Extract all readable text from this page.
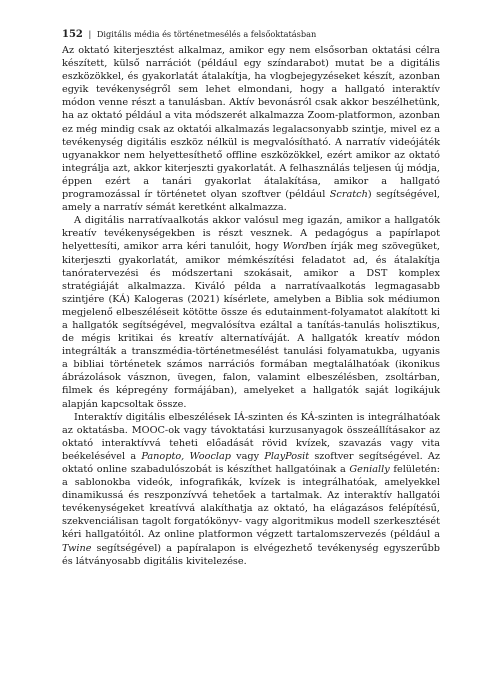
152 | Digitális média és történetmesélés a felsőoktatásban

Az oktató kiterjesztést alkalmaz, amikor egy nem elsősorban oktatási célra készített, külső narrációt (például egy színdarabot) mutat be a digitális eszközökkel, és gyakorlatát átalakítja, ha vlogbejegyzéseket készít, azonban egyik tevékenységről sem lehet elmondani, hogy a hallgató interaktív módon venne részt a tanulásban. Aktív bevonásról csak akkor beszélhetünk, ha az oktató például a vita módszerét alkalmazza Zoom-platformon, azonban ez még mindig csak az oktatói alkalmazás legalacsonyabb szintje, mivel ez a tevékenység digitális eszköz nélkül is megvalósítható. A narratív videójáték ugyanakkor nem helyettesíthető offline eszközökkel, ezért amikor az oktató integrálja azt, akkor kiterjeszti gyakorlatát. A felhasználás teljesen új módja, éppen ezért a tanári gyakorlat átalakítása, amikor a hallgató programozással ír történetet olyan szoftver (például Scratch) segítségével, amely a narratív sémát keretként alkalmazza.

A digitális narratívaalkotás akkor valósul meg igazán, amikor a hallgatók kreatív tevékenységekben is részt vesznek. A pedagógus a papírlapot helyettesíti, amikor arra kéri tanulóit, hogy Wordben írják meg szövegüket, kiterjeszti gyakorlatát, amikor mémkészítési feladatot ad, és átalakítja tanóratervezési és módszertani szokásait, amikor a DST komplex stratégiáját alkalmazza. Kiváló példa a narratívaalkotás legmagasabb szintjére (KÁ) Kalogeras (2021) kísérlete, amelyben a Biblia sok médiumon megjelenő elbeszéléseit kötötte össze és edutainment-folyamatot alakított ki a hallgatók segítségével, megvalósítva ezáltal a tanítás-tanulás holisztikus, de mégis kritikai és kreatív alternatíváját. A hallgatók kreatív módon integrálták a transzmédia-történetmesélést tanulási folyamatukba, ugyanis a bibliai történetek számos narrációs formában megtalálhatóak (ikonikus ábrázolások vásznon, üvegen, falon, valamint elbeszélésben, zsoltárban, filmek és képregény formájában), amelyeket a hallgatók saját logikájuk alapján kapcsoltak össze.

Interaktív digitális elbeszélések IÁ-szinten és KÁ-szinten is integrálhatóak az oktatásba. MOOC-ok vagy távoktatási kurzusanyagok összeállításakor az oktató interaktívvá teheti előadását rövid kvízek, szavazás vagy vita beékelésével a Panopto, Wooclap vagy PlayPosit szoftver segítségével. Az oktató online szabadulószobát is készíthet hallgatóinak a Genially felületén: a sablonokba videók, infografikák, kvízek is integrálhatóak, amelyekkel dinamikussá és reszponzívvá tehetőek a tartalmak. Az interaktív hallgatói tevékenységeket kreatívvá alakíthatja az oktató, ha elágazásos felépítésű, szekvenciálisan tagolt forgatókönyv- vagy algoritmikus modell szerkesztését kéri hallgatóitól. Az online platformon végzett tartalomszervezés (például a Twine segítségével) a papíralapon is elvégezhető tevékenység egyszerűbb és látványosabb digitális kivitelezése.
